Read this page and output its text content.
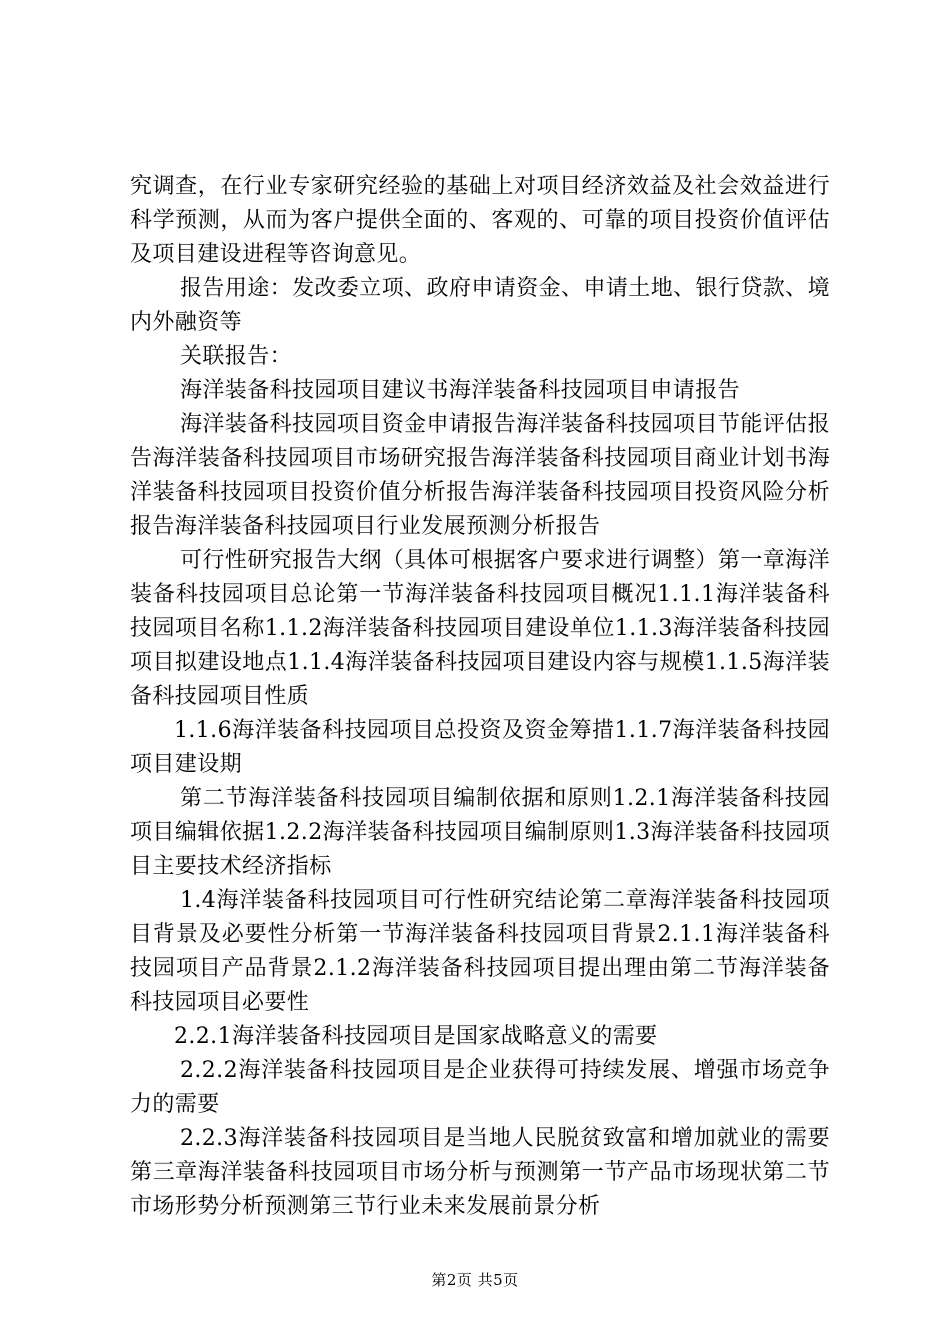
究调查，在行业专家研究经验的基础上对项目经济效益及社会效益进行科学预测，从而为客户提供全面的、客观的、可靠的项目投资价值评估及项目建设进程等咨询意见。

报告用途：发改委立项、政府申请资金、申请土地、银行贷款、境内外融资等

关联报告：

海洋装备科技园项目建议书海洋装备科技园项目申请报告

海洋装备科技园项目资金申请报告海洋装备科技园项目节能评估报告海洋装备科技园项目市场研究报告海洋装备科技园项目商业计划书海洋装备科技园项目投资价值分析报告海洋装备科技园项目投资风险分析报告海洋装备科技园项目行业发展预测分析报告

可行性研究报告大纲（具体可根据客户要求进行调整）第一章海洋装备科技园项目总论第一节海洋装备科技园项目概况1.1.1海洋装备科技园项目名称1.1.2海洋装备科技园项目建设单位1.1.3海洋装备科技园项目拟建设地点1.1.4海洋装备科技园项目建设内容与规模1.1.5海洋装备科技园项目性质

1.1.6海洋装备科技园项目总投资及资金筹措1.1.7海洋装备科技园项目建设期

第二节海洋装备科技园项目编制依据和原则1.2.1海洋装备科技园项目编辑依据1.2.2海洋装备科技园项目编制原则1.3海洋装备科技园项目主要技术经济指标

1.4海洋装备科技园项目可行性研究结论第二章海洋装备科技园项目背景及必要性分析第一节海洋装备科技园项目背景2.1.1海洋装备科技园项目产品背景2.1.2海洋装备科技园项目提出理由第二节海洋装备科技园项目必要性

2.2.1海洋装备科技园项目是国家战略意义的需要

2.2.2海洋装备科技园项目是企业获得可持续发展、增强市场竞争力的需要

2.2.3海洋装备科技园项目是当地人民脱贫致富和增加就业的需要第三章海洋装备科技园项目市场分析与预测第一节产品市场现状第二节市场形势分析预测第三节行业未来发展前景分析

第2页 共5页
